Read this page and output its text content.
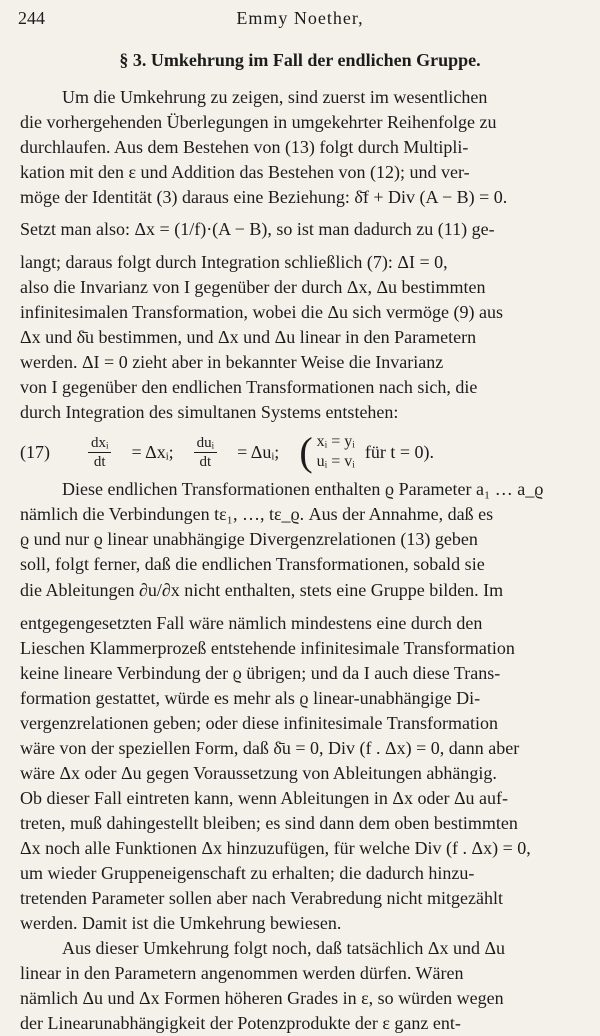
244	Emmy Noether,
§ 3. Umkehrung im Fall der endlichen Gruppe.
(17)	$\frac{\text{dxᵢ}}{dt}$ = Δxᵢ; $\frac{\text{duᵢ}}{dt}$ = Δuᵢ; ( xᵢ = yᵢ
uᵢ = vᵢ für t = 0).
Um die Umkehrung zu zeigen, sind zuerst im wesentlichen
die vorhergehenden Überlegungen in umgekehrter Reihenfolge zu
durchlaufen. Aus dem Bestehen von (13) folgt durch Multipli-
kation mit den ε und Addition das Bestehen von (12); und ver-
möge der Identität (3) daraus eine Beziehung: δ̄f + Div (A − B) = 0.
Setzt man also: Δx = (1/f)·(A − B), so ist man dadurch zu (11) ge-
langt; daraus folgt durch Integration schließlich (7): ΔI = 0,
also die Invarianz von I gegenüber der durch Δx, Δu bestimmten
infinitesimalen Transformation, wobei die Δu sich vermöge (9) aus
Δx und δ̄u bestimmen, und Δx und Δu linear in den Parametern
werden. ΔI = 0 zieht aber in bekannter Weise die Invarianz
von I gegenüber den endlichen Transformationen nach sich, die
durch Integration des simultanen Systems entstehen:
Diese endlichen Transformationen enthalten ϱ Parameter a₁ … a_ϱ
nämlich die Verbindungen tε₁, …, tε_ϱ. Aus der Annahme, daß es
ϱ und nur ϱ linear unabhängige Divergenzrelationen (13) geben
soll, folgt ferner, daß die endlichen Transformationen, sobald sie
die Ableitungen ∂u/∂x nicht enthalten, stets eine Gruppe bilden. Im
entgegengesetzten Fall wäre nämlich mindestens eine durch den
Lieschen Klammerprozeß entstehende infinitesimale Transformation
keine lineare Verbindung der ϱ übrigen; und da I auch diese Trans-
formation gestattet, würde es mehr als ϱ linear-unabhängige Di-
vergenzrelationen geben; oder diese infinitesimale Transformation
wäre von der speziellen Form, daß δ̄u = 0, Div (f . Δx) = 0, dann aber
wäre Δx oder Δu gegen Voraussetzung von Ableitungen abhängig.
Ob dieser Fall eintreten kann, wenn Ableitungen in Δx oder Δu auf-
treten, muß dahingestellt bleiben; es sind dann dem oben bestimmten
Δx noch alle Funktionen Δx hinzuzufügen, für welche Div (f . Δx) = 0,
um wieder Gruppeneigenschaft zu erhalten; die dadurch hinzu-
tretenden Parameter sollen aber nach Verabredung nicht mitgezählt
werden. Damit ist die Umkehrung bewiesen.
Aus dieser Umkehrung folgt noch, daß tatsächlich Δx und Δu
linear in den Parametern angenommen werden dürfen. Wären
nämlich Δu und Δx Formen höheren Grades in ε, so würden wegen
der Linearunabhängigkeit der Potenzprodukte der ε ganz ent-
